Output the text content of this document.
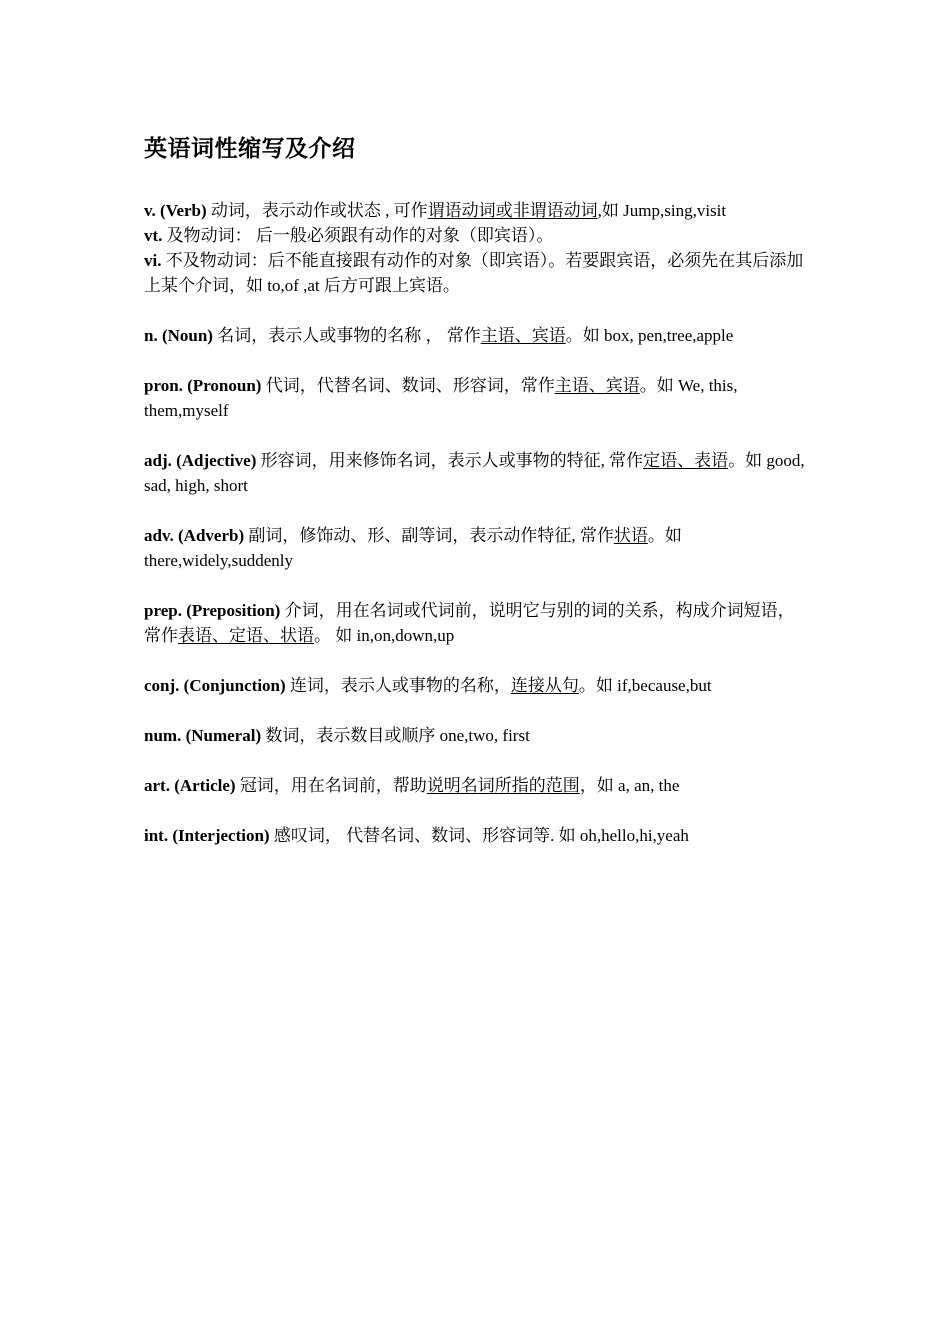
英语词性缩写及介绍

v. (Verb) 动词，表示动作或状态 , 可作谓语动词或非谓语动词,如 Jump,sing,visit

vt. 及物动词： 后一般必须跟有动作的对象（即宾语）。

vi. 不及物动词：后不能直接跟有动作的对象（即宾语）。若要跟宾语，必须先在其后添加上某个介词，如 to,of ,at 后方可跟上宾语。

n. (Noun) 名词，表示人或事物的名称 ， 常作主语、宾语。如 box, pen,tree,apple

pron. (Pronoun) 代词，代替名词、数词、形容词，常作主语、宾语。如 We, this, them,myself

adj. (Adjective) 形容词，用来修饰名词，表示人或事物的特征, 常作定语、表语。如 good, sad, high, short

adv. (Adverb) 副词，修饰动、形、副等词，表示动作特征, 常作状语。如 there,widely,suddenly

prep. (Preposition) 介词，用在名词或代词前，说明它与别的词的关系，构成介词短语，常作表语、定语、状语。 如 in,on,down,up

conj. (Conjunction) 连词，表示人或事物的名称，连接从句。如 if,because,but

num. (Numeral) 数词，表示数目或顺序 one,two, first

art. (Article) 冠词，用在名词前，帮助说明名词所指的范围，如 a, an, the

int. (Interjection) 感叹词， 代替名词、数词、形容词等. 如 oh,hello,hi,yeah
